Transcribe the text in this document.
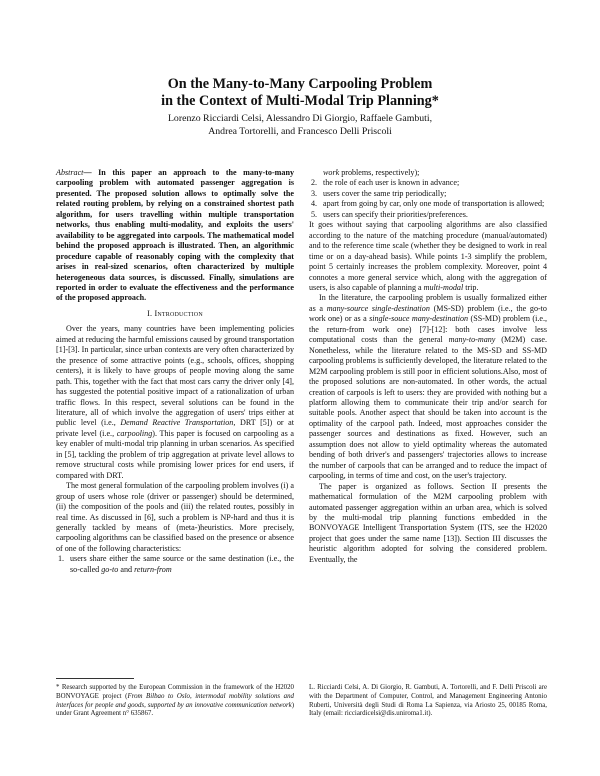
On the Many-to-Many Carpooling Problem
in the Context of Multi-Modal Trip Planning*
Lorenzo Ricciardi Celsi, Alessandro Di Giorgio, Raffaele Gambuti,
Andrea Tortorelli, and Francesco Delli Priscoli
Abstract— In this paper an approach to the many-to-many carpooling problem with automated passenger aggregation is presented. The proposed solution allows to optimally solve the related routing problem, by relying on a constrained shortest path algorithm, for users travelling within multiple transportation networks, thus enabling multi-modality, and exploits the users' availability to be aggregated into carpools. The mathematical model behind the proposed approach is illustrated. Then, an algorithmic procedure capable of reasonably coping with the complexity that arises in real-sized scenarios, often characterized by multiple heterogeneous data sources, is discussed. Finally, simulations are reported in order to evaluate the effectiveness and the performance of the proposed approach.
I. Introduction

Over the years, many countries have been implementing policies aimed at reducing the harmful emissions caused by ground transportation [1]-[3]. In particular, since urban contexts are very often characterized by the presence of some attractive points (e.g., schools, offices, shopping centers), it is likely to have groups of people moving along the same path. This, together with the fact that most cars carry the driver only [4], has suggested the potential positive impact of a rationalization of urban traffic flows. In this respect, several solutions can be found in the literature, all of which involve the aggregation of users' trips either at public level (i.e., Demand Reactive Transportation, DRT [5]) or at private level (i.e., carpooling). This paper is focused on carpooling as a key enabler of multi-modal trip planning in urban scenarios. As specified in [5], tackling the problem of trip aggregation at private level allows to remove structural costs while promising lower prices for end users, if compared with DRT.

The most general formulation of the carpooling problem involves (i) a group of users whose role (driver or passenger) should be determined, (ii) the composition of the pools and (iii) the related routes, possibly in real time. As discussed in [6], such a problem is NP-hard and thus it is generally tackled by means of (meta-)heuristics. More precisely, carpooling algorithms can be classified based on the presence or absence of one of the following characteristics:

1. users share either the same source or the same destination (i.e., the so-called go-to and return-from
work problems, respectively);
2. the role of each user is known in advance;
3. users cover the same trip periodically;
4. apart from going by car, only one mode of transportation is allowed;
5. users can specify their priorities/preferences.

It goes without saying that carpooling algorithms are also classified according to the nature of the matching procedure (manual/automated) and to the reference time scale (whether they be designed to work in real time or on a day-ahead basis). While points 1-3 simplify the problem, point 5 certainly increases the problem complexity. Moreover, point 4 connotes a more general service which, along with the aggregation of users, is also capable of planning a multi-modal trip.

In the literature, the carpooling problem is usually formalized either as a many-source single-destination (MS-SD) problem (i.e., the go-to work one) or as a single-souce many-destination (SS-MD) problem (i.e., the return-from work one) [7]-[12]: both cases involve less computational costs than the general many-to-many (M2M) case. Nonetheless, while the literature related to the MS-SD and SS-MD carpooling problems is sufficiently developed, the literature related to the M2M carpooling problem is still poor in efficient solutions.Also, most of the proposed solutions are non-automated. In other words, the actual creation of carpools is left to users: they are provided with nothing but a platform allowing them to communicate their trip and/or search for suitable pools. Another aspect that should be taken into account is the optimality of the carpool path. Indeed, most approaches consider the passenger sources and destinations as fixed. However, such an assumption does not allow to yield optimality whereas the automated bending of both driver's and passengers' trajectories allows to increase the number of carpools that can be arranged and to reduce the impact of carpooling, in terms of time and cost, on the user's trajectory.

The paper is organized as follows. Section II presents the mathematical formulation of the M2M carpooling problem with automated passenger aggregation within an urban area, which is solved by the multi-modal trip planning functions embedded in the BONVOYAGE Intelligent Transportation System (ITS, see the H2020 project that goes under the same name [13]). Section III discusses the heuristic algorithm adopted for solving the considered problem. Eventually, the

* Research supported by the European Commission in the framework of the H2020 BONVOYAGE project (From Bilbao to Oslo, intermodal mobility solutions and interfaces for people and goods, supported by an innovative communication network) under Grant Agreement n° 635867.
L. Ricciardi Celsi, A. Di Giorgio, R. Gambuti, A. Tortorelli, and F. Delli Priscoli are with the Department of Computer, Control, and Management Engineering Antonio Ruberti, Università degli Studi di Roma La Sapienza, via Ariosto 25, 00185 Roma, Italy (email: ricciardicelsi@dis.uniroma1.it).
